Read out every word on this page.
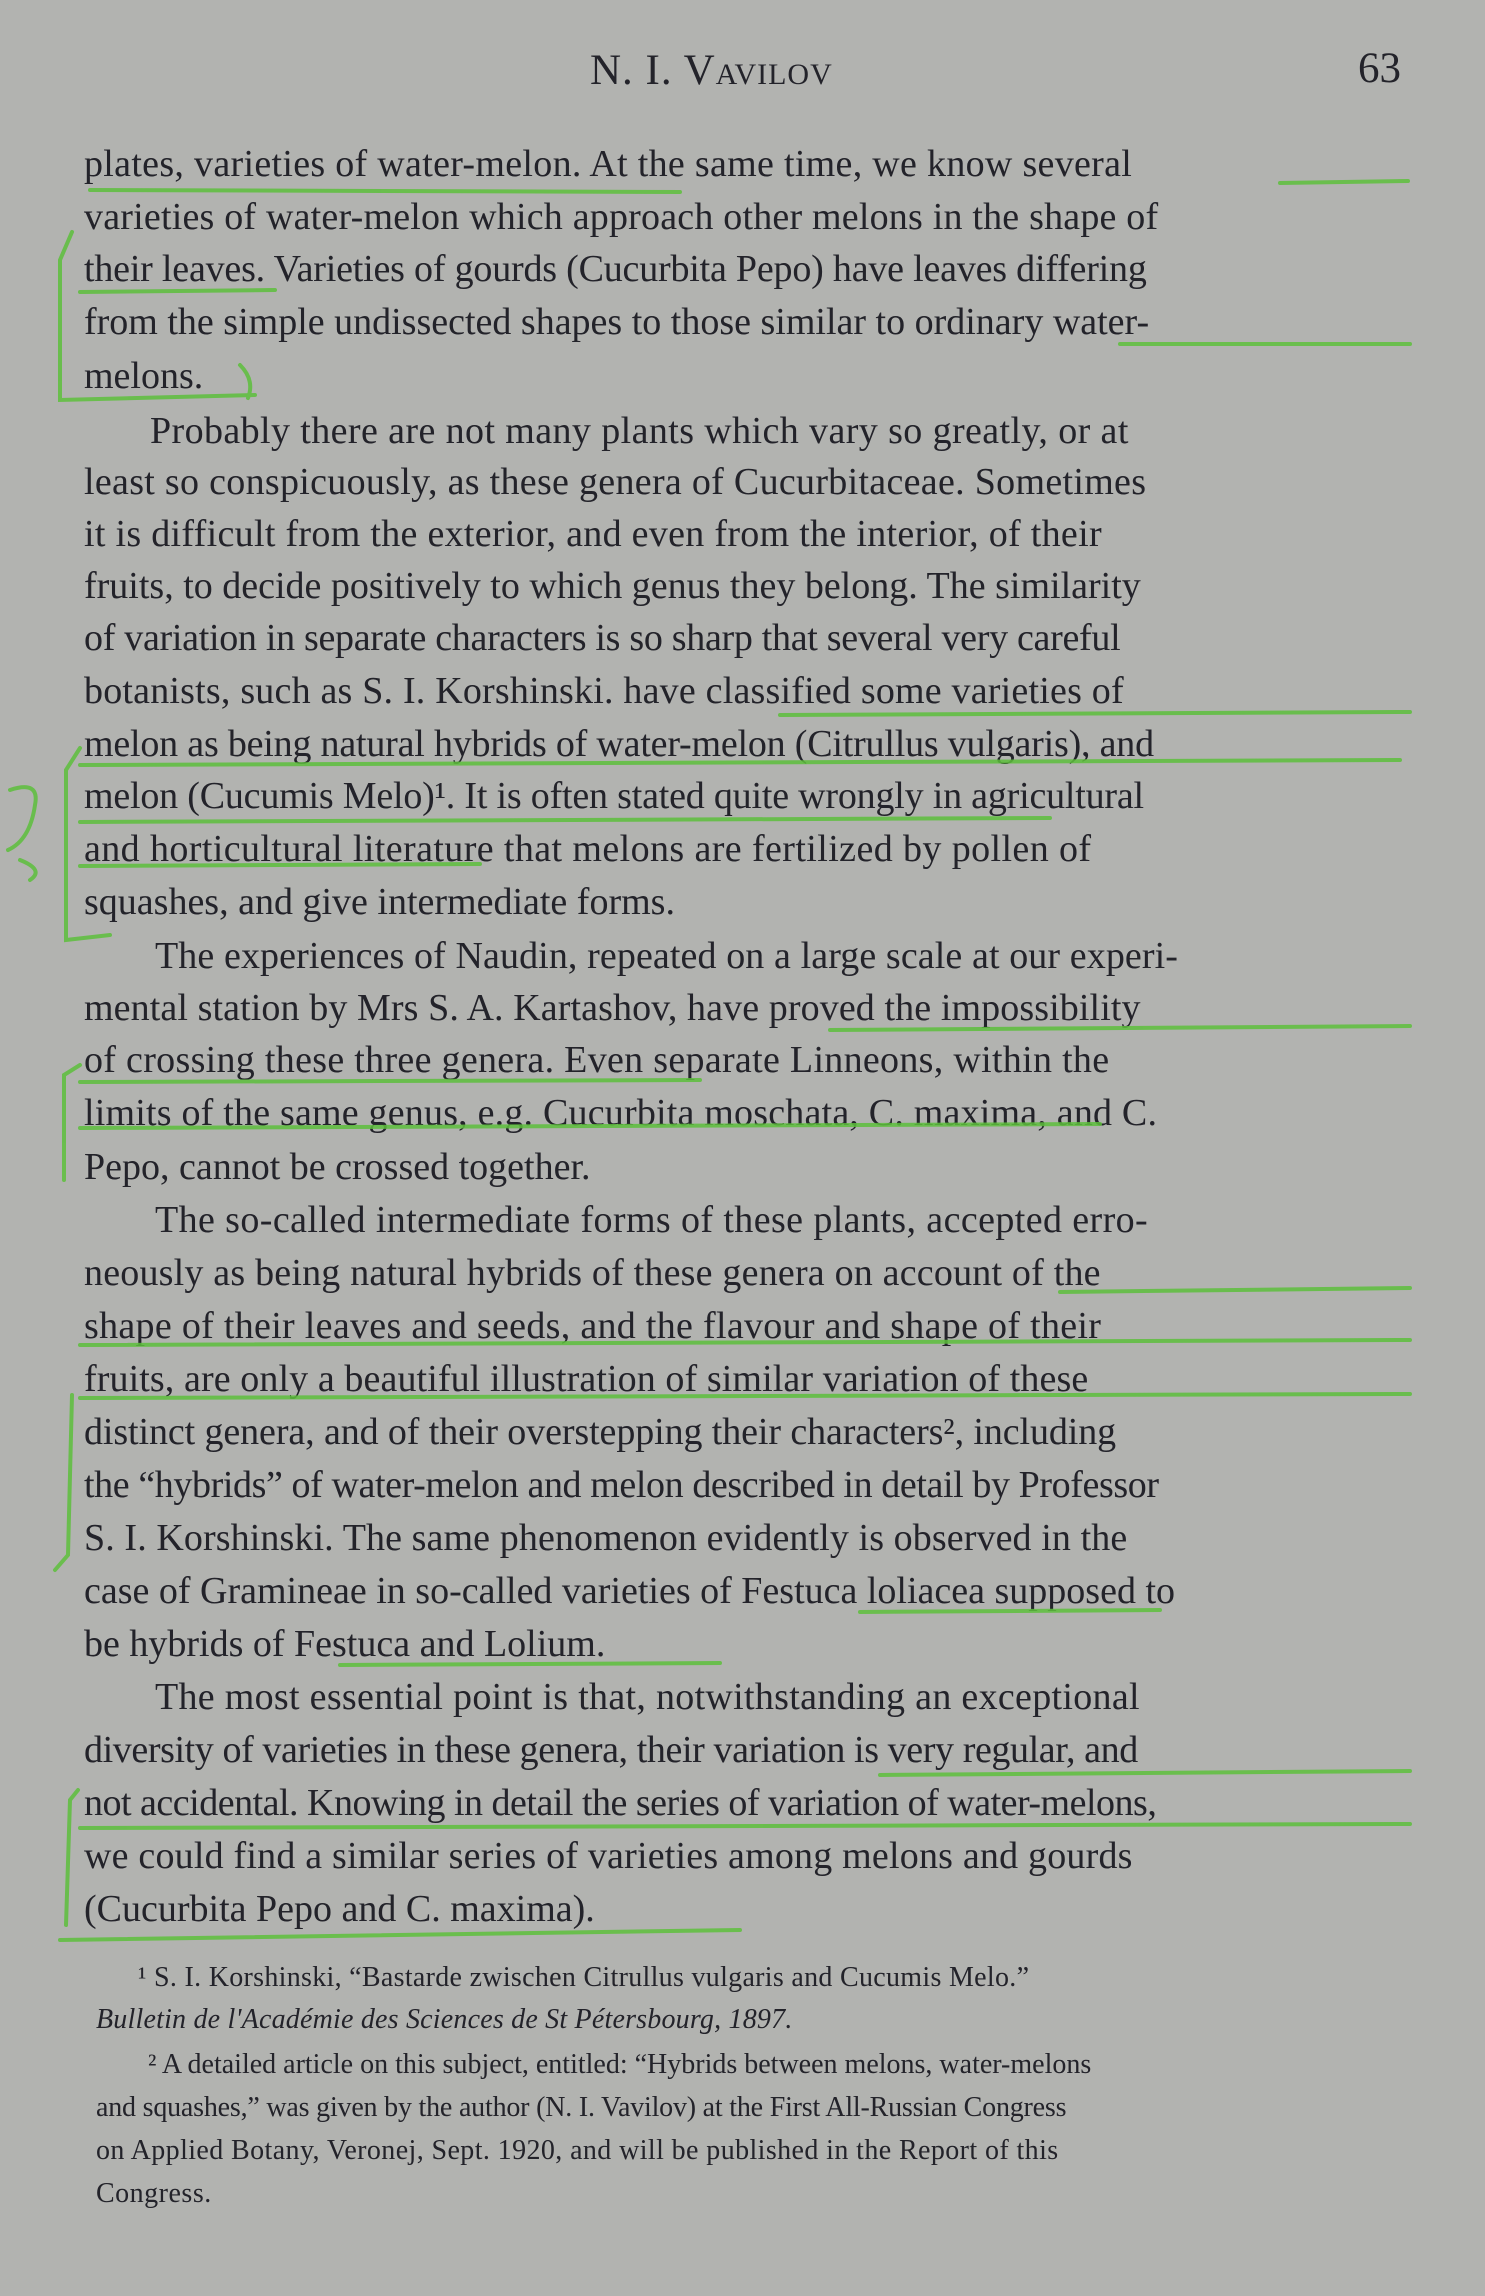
N. I. Vavilov	63
plates, varieties of water-melon. At the same time, we know several
varieties of water-melon which approach other melons in the shape of
their leaves. Varieties of gourds (Cucurbita Pepo) have leaves differing
from the simple undissected shapes to those similar to ordinary water-
melons.
Probably there are not many plants which vary so greatly, or at
least so conspicuously, as these genera of Cucurbitaceae. Sometimes
it is difficult from the exterior, and even from the interior, of their
fruits, to decide positively to which genus they belong. The similarity
of variation in separate characters is so sharp that several very careful
botanists, such as S. I. Korshinski. have classified some varieties of
melon as being natural hybrids of water-melon (Citrullus vulgaris), and
melon (Cucumis Melo)¹. It is often stated quite wrongly in agricultural
and horticultural literature that melons are fertilized by pollen of
squashes, and give intermediate forms.
The experiences of Naudin, repeated on a large scale at our experi-
mental station by Mrs S. A. Kartashov, have proved the impossibility
of crossing these three genera. Even separate Linneons, within the
limits of the same genus, e.g. Cucurbita moschata, C. maxima, and C.
Pepo, cannot be crossed together.
The so-called intermediate forms of these plants, accepted erro-
neously as being natural hybrids of these genera on account of the
shape of their leaves and seeds, and the flavour and shape of their
fruits, are only a beautiful illustration of similar variation of these
distinct genera, and of their overstepping their characters², including
the “hybrids” of water-melon and melon described in detail by Professor
S. I. Korshinski. The same phenomenon evidently is observed in the
case of Gramineae in so-called varieties of Festuca loliacea supposed to
be hybrids of Festuca and Lolium.
The most essential point is that, notwithstanding an exceptional
diversity of varieties in these genera, their variation is very regular, and
not accidental. Knowing in detail the series of variation of water-melons,
we could find a similar series of varieties among melons and gourds
(Cucurbita Pepo and C. maxima).
¹ S. I. Korshinski, “Bastarde zwischen Citrullus vulgaris and Cucumis Melo.”
Bulletin de l'Académie des Sciences de St Pétersbourg, 1897.
² A detailed article on this subject, entitled: “Hybrids between melons, water-melons
and squashes,” was given by the author (N. I. Vavilov) at the First All-Russian Congress
on Applied Botany, Veronej, Sept. 1920, and will be published in the Report of this
Congress.
